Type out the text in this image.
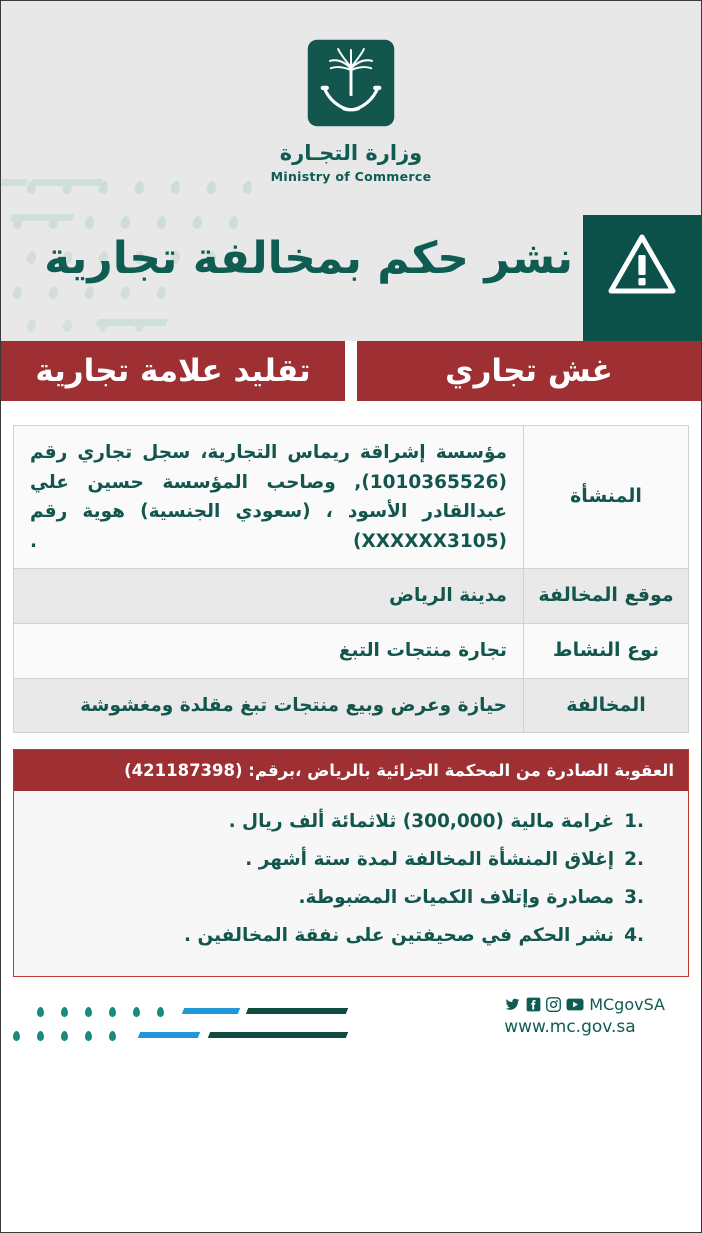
وزارة التجـارة
Ministry of Commerce
نشر حكم بمخالفة تجارية
غش تجاري
تقليد علامة تجارية
المنشأة
مؤسسة إشراقة ريماس التجارية، سجل تجاري رقم (1010365526), وصاحب المؤسسة حسين علي عبدالقادر الأسود ، (سعودي الجنسية) هوية رقم (XXXXXX3105) .
موقع المخالفة
مدينة الرياض
نوع النشاط
تجارة منتجات التبغ
المخالفة
حيازة وعرض وبيع منتجات تبغ مقلدة ومغشوشة
العقوبة الصادرة من المحكمة الجزائية بالرياض ،برقم: (421187398)
1.
غرامة مالية (300,000) ثلاثمائة ألف ريال .
2.
إغلاق المنشأة المخالفة لمدة ستة أشهر .
3.
مصادرة وإتلاف الكميات المضبوطة.
4.
نشر الحكم في صحيفتين على نفقة المخالفين .
MCgovSA
www.mc.gov.sa
